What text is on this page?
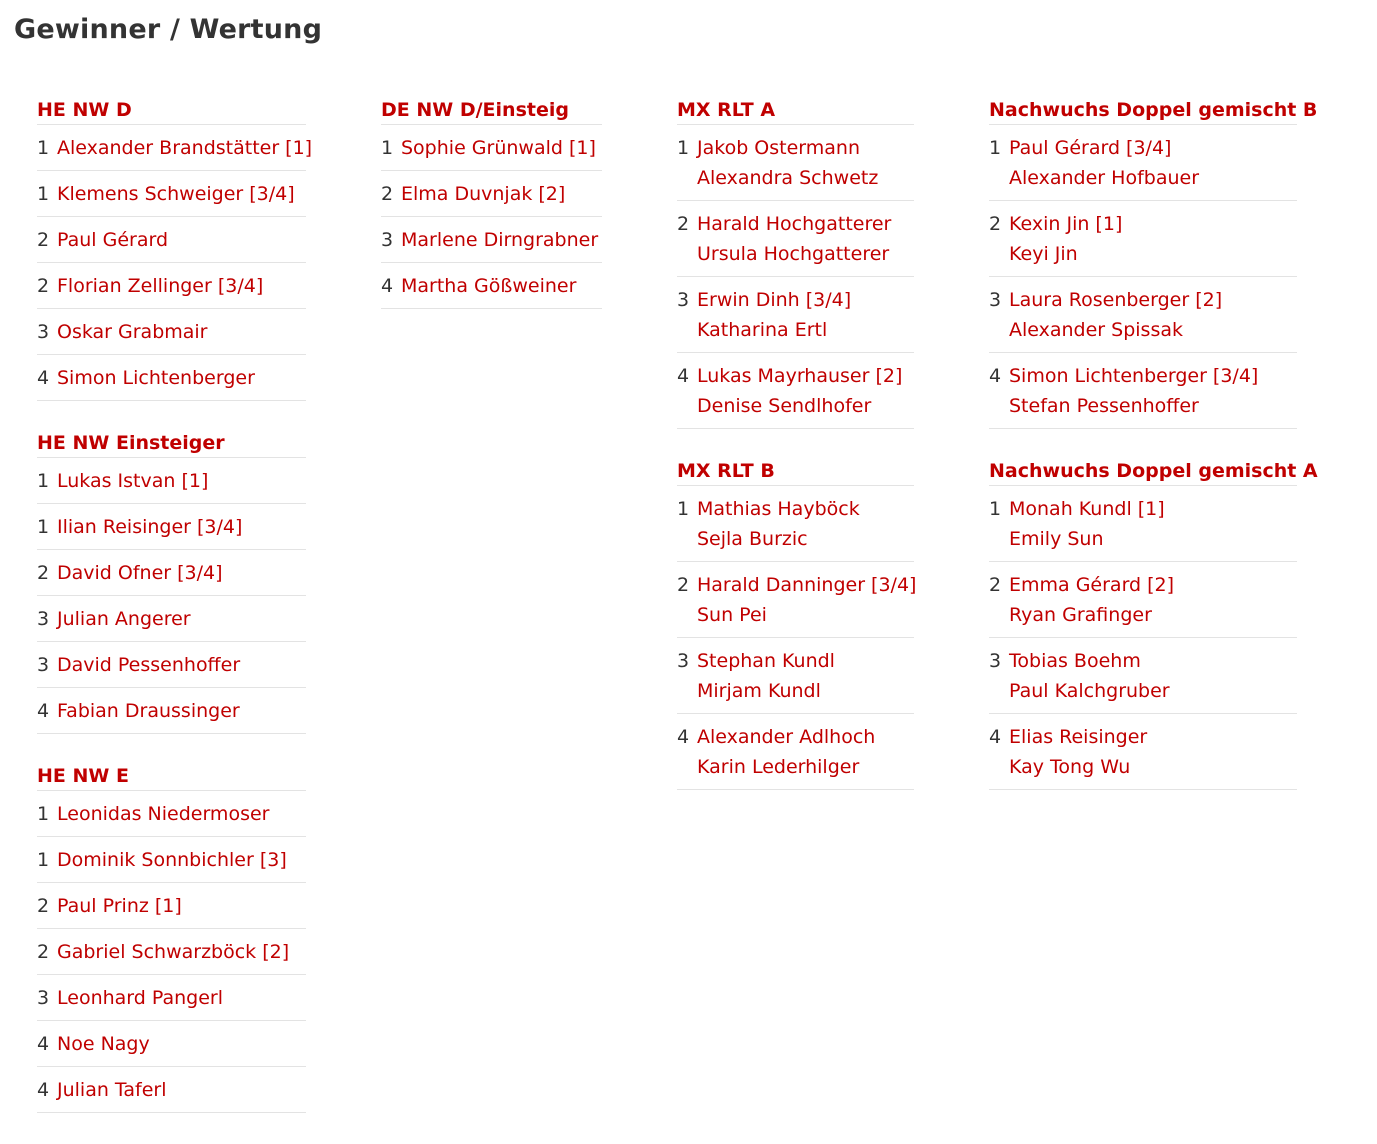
Gewinner / Wertung
HE NW D
1 Alexander Brandstätter [1]
1 Klemens Schweiger [3/4]
2 Paul Gérard
2 Florian Zellinger [3/4]
3 Oskar Grabmair
4 Simon Lichtenberger
HE NW Einsteiger
1 Lukas Istvan [1]
1 Ilian Reisinger [3/4]
2 David Ofner [3/4]
3 Julian Angerer
3 David Pessenhoffer
4 Fabian Draussinger
HE NW E
1 Leonidas Niedermoser
1 Dominik Sonnbichler [3]
2 Paul Prinz [1]
2 Gabriel Schwarzböck [2]
3 Leonhard Pangerl
4 Noe Nagy
4 Julian Taferl
DE NW D/Einsteig
1 Sophie Grünwald [1]
2 Elma Duvnjak [2]
3 Marlene Dirngrabner
4 Martha Gößweiner
MX RLT A
1 Jakob Ostermann
Alexandra Schwetz
2 Harald Hochgatterer
Ursula Hochgatterer
3 Erwin Dinh [3/4]
Katharina Ertl
4 Lukas Mayrhauser [2]
Denise Sendlhofer
MX RLT B
1 Mathias Hayböck
Sejla Burzic
2 Harald Danninger [3/4]
Sun Pei
3 Stephan Kundl
Mirjam Kundl
4 Alexander Adlhoch
Karin Lederhilger
Nachwuchs Doppel gemischt B
1 Paul Gérard [3/4]
Alexander Hofbauer
2 Kexin Jin [1]
Keyi Jin
3 Laura Rosenberger [2]
Alexander Spissak
4 Simon Lichtenberger [3/4]
Stefan Pessenhoffer
Nachwuchs Doppel gemischt A
1 Monah Kundl [1]
Emily Sun
2 Emma Gérard [2]
Ryan Grafinger
3 Tobias Boehm
Paul Kalchgruber
4 Elias Reisinger
Kay Tong Wu
